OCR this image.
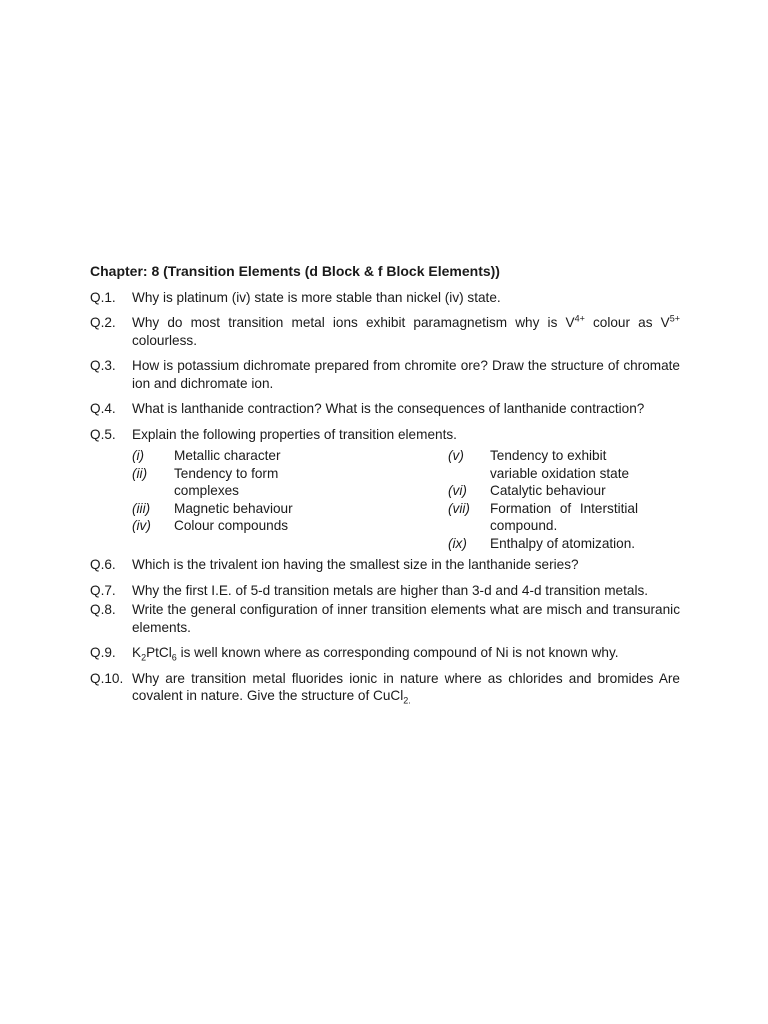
Chapter: 8 (Transition Elements (d Block & f Block Elements))
Q.1.	Why is platinum (iv) state is more stable than nickel (iv) state.
Q.2.	Why do most transition metal ions exhibit paramagnetism why is $V^{4+}$ colour as $V^{5+}$ colourless.
Q.3.	How is potassium dichromate prepared from chromite ore? Draw the structure of chromate ion and dichromate ion.
Q.4.	What is lanthanide contraction? What is the consequences of lanthanide contraction?
Q.5.	Explain the following properties of transition elements.
(i)	Metallic character
(ii)	Tendency to form complexes
(iii)	Magnetic behaviour
(iv)	Colour compounds
(v)	Tendency to exhibit variable oxidation state
(vi)	Catalytic behaviour
(vii)	Formation of Interstitial compound.
(ix)	Enthalpy of atomization.
Q.6.	Which is the trivalent ion having the smallest size in the lanthanide series?
Q.7.	Why the first I.E. of 5-d transition metals are higher than 3-d and 4-d transition metals.
Q.8.	Write the general configuration of inner transition elements what are misch and transuranic elements.
Q.9.	$K_2PtCl_6$ is well known where as corresponding compound of Ni is not known why.
Q.10. Why are transition metal fluorides ionic in nature where as chlorides and bromides Are covalent in nature. Give the structure of CuCl$_{2.}$
